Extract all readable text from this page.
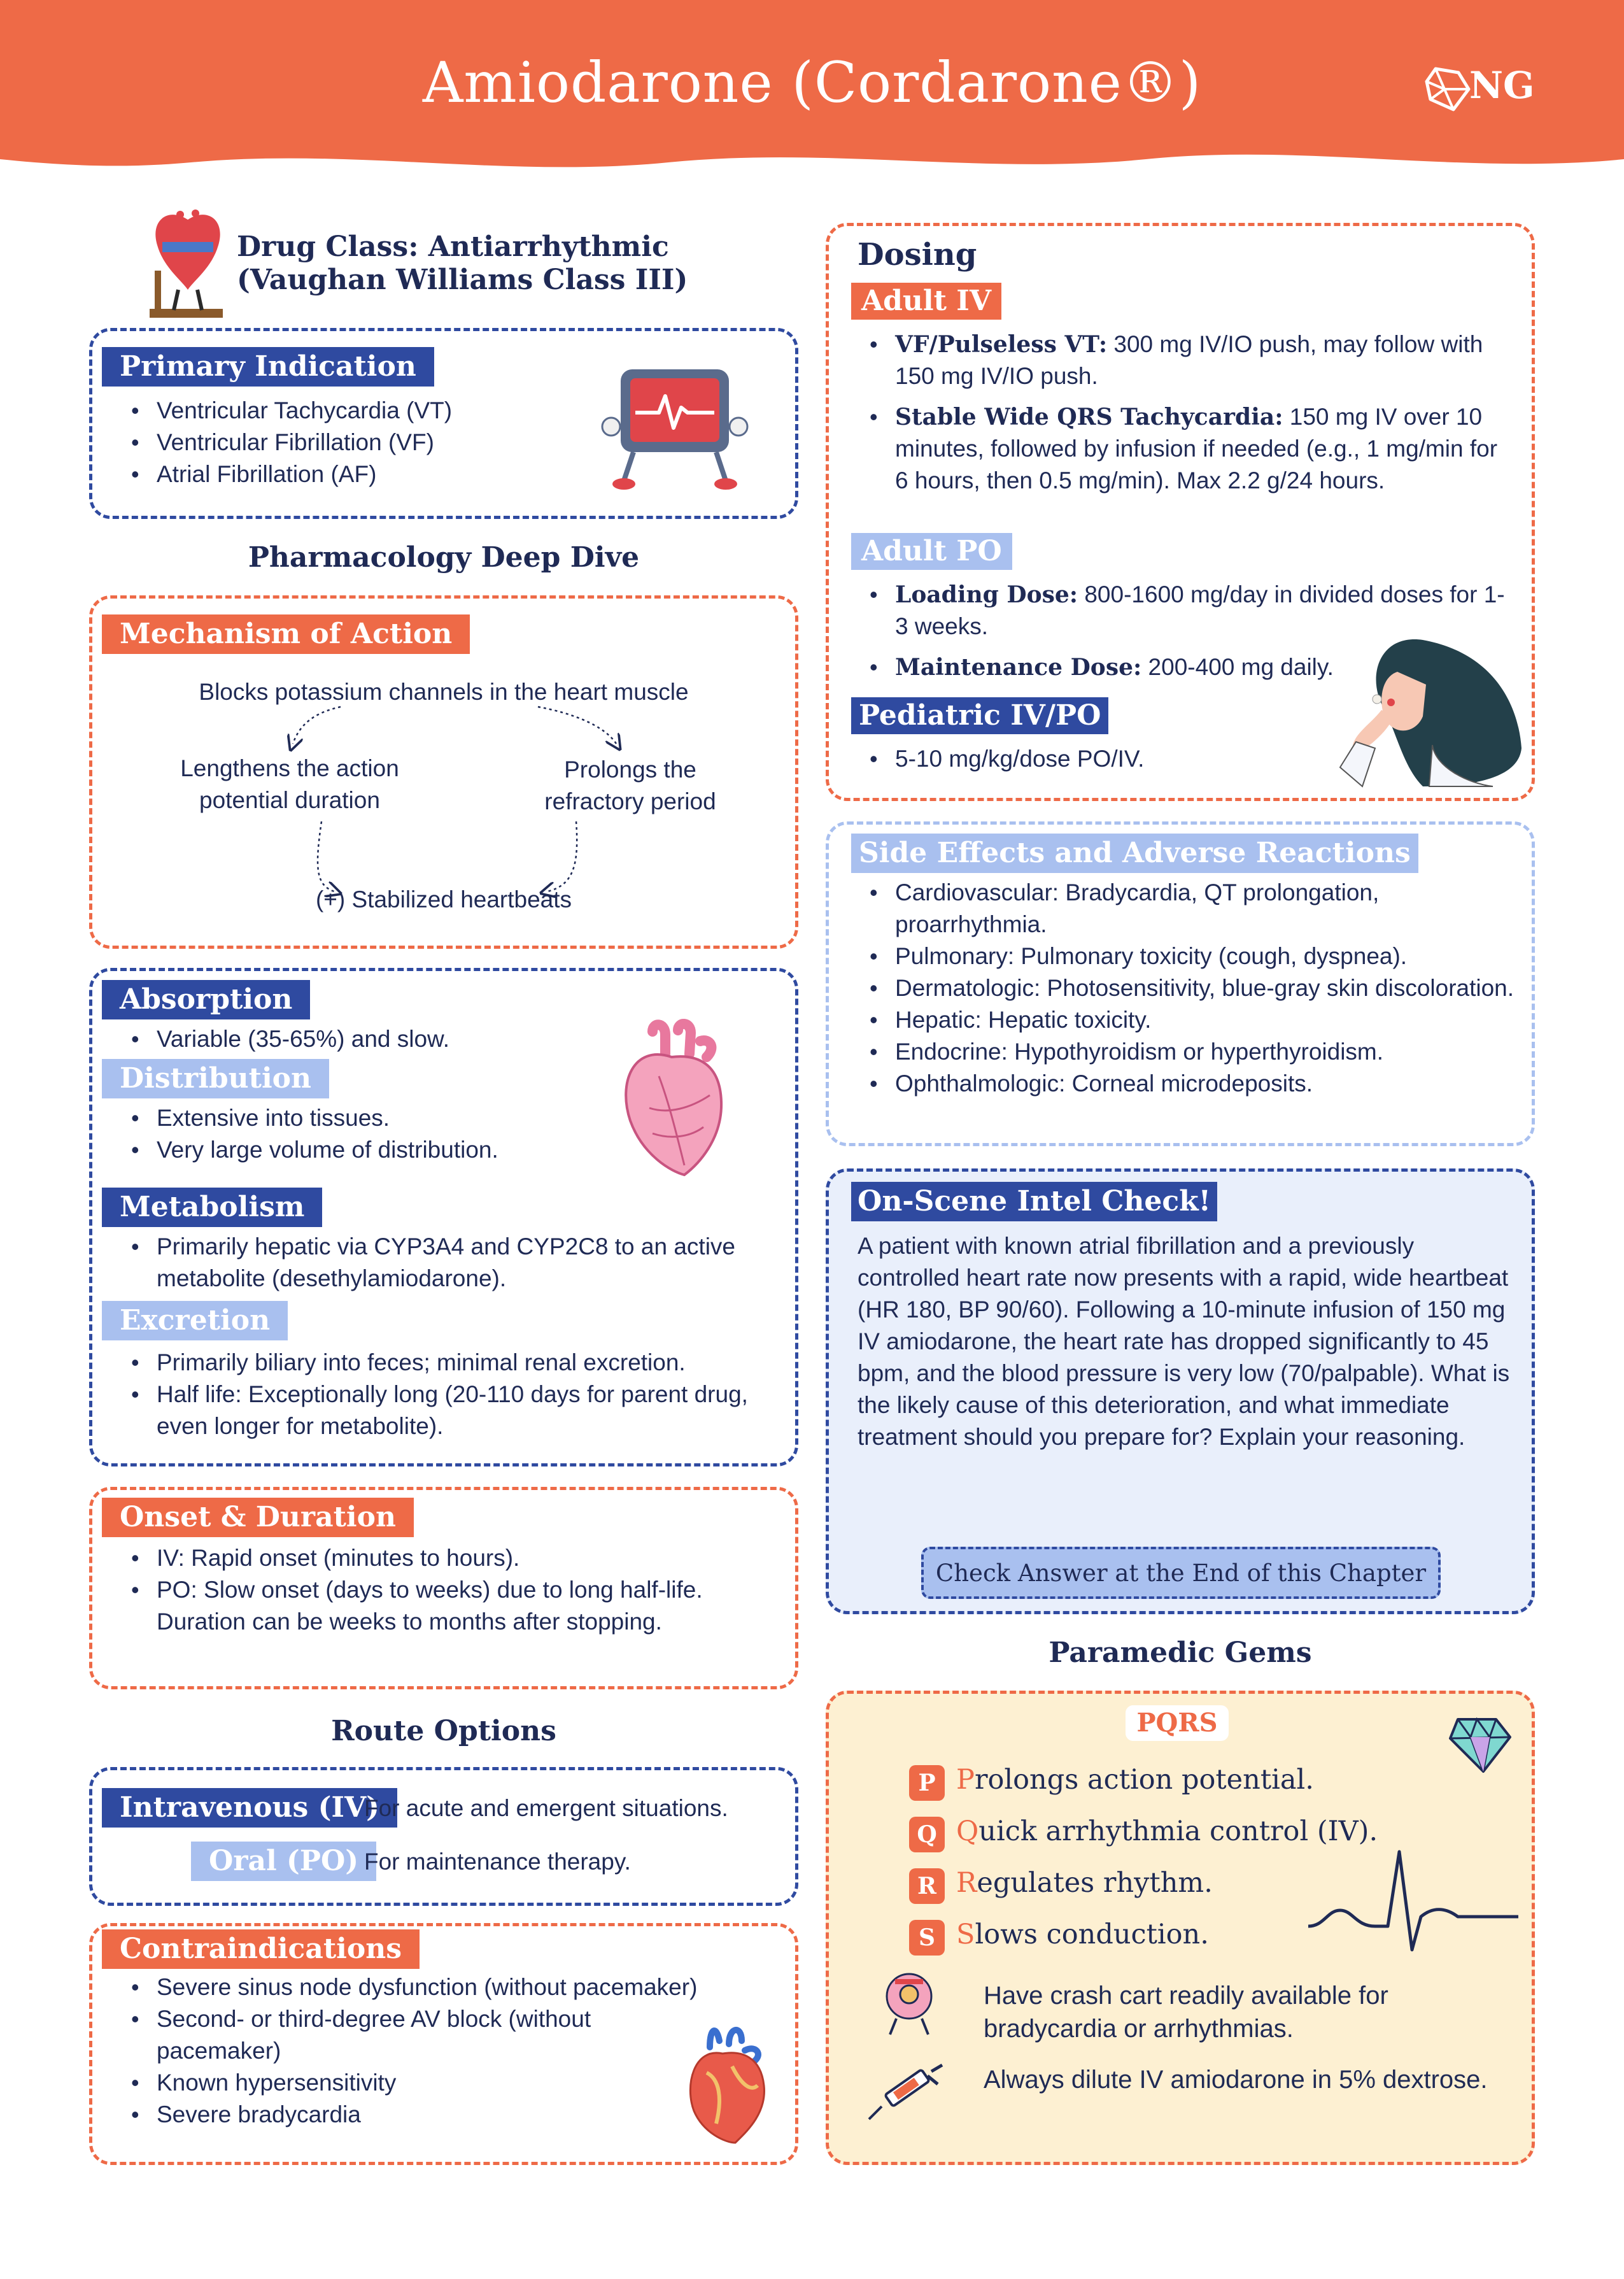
Amiodarone (Cordarone®)	NG
Drug Class: Antiarrhythmic
(Vaughan Williams Class III)
Primary Indication
• Ventricular Tachycardia (VT)
• Ventricular Fibrillation (VF)
• Atrial Fibrillation (AF)
Pharmacology Deep Dive
Mechanism of Action
Blocks potassium channels in the heart muscle
Lengthens the action
potential duration
Prolongs the
refractory period
(+) Stabilized heartbeats
Absorption
• Variable (35-65%) and slow.
Distribution
• Extensive into tissues.
• Very large volume of distribution.
Metabolism
• Primarily hepatic via CYP3A4 and CYP2C8 to an active metabolite (desethylamiodarone).
Excretion
• Primarily biliary into feces; minimal renal excretion.
• Half life: Exceptionally long (20-110 days for parent drug, even longer for metabolite).
Onset & Duration
• IV: Rapid onset (minutes to hours).
• PO: Slow onset (days to weeks) due to long half-life. Duration can be weeks to months after stopping.
Route Options
Intravenous (IV)
For acute and emergent situations.
Oral (PO) For maintenance therapy.
Contraindications
• Severe sinus node dysfunction (without pacemaker)
• Second- or third-degree AV block (without pacemaker)
• Known hypersensitivity
• Severe bradycardia
Dosing
Adult IV
• VF/Pulseless VT: 300 mg IV/IO push, may follow with 150 mg IV/IO push.
• Stable Wide QRS Tachycardia: 150 mg IV over 10 minutes, followed by infusion if needed (e.g., 1 mg/min for 6 hours, then 0.5 mg/min). Max 2.2 g/24 hours.
Adult PO
• Loading Dose: 800-1600 mg/day in divided doses for 1-3 weeks.
• Maintenance Dose: 200-400 mg daily.
Pediatric IV/PO
• 5-10 mg/kg/dose PO/IV.
Side Effects and Adverse Reactions
• Cardiovascular: Bradycardia, QT prolongation, proarrhythmia.
• Pulmonary: Pulmonary toxicity (cough, dyspnea).
• Dermatologic: Photosensitivity, blue-gray skin discoloration.
• Hepatic: Hepatic toxicity.
• Endocrine: Hypothyroidism or hyperthyroidism.
• Ophthalmologic: Corneal microdeposits.
On-Scene Intel Check!
A patient with known atrial fibrillation and a previously controlled heart rate now presents with a rapid, wide heartbeat (HR 180, BP 90/60). Following a 10-minute infusion of 150 mg IV amiodarone, the heart rate has dropped significantly to 45 bpm, and the blood pressure is very low (70/palpable). What is the likely cause of this deterioration, and what immediate treatment should you prepare for? Explain your reasoning.
Check Answer at the End of this Chapter
Paramedic Gems
PQRS
P Prolongs action potential.
Q Quick arrhythmia control (IV).
R Regulates rhythm.
S Slows conduction.
Have crash cart readily available for bradycardia or arrhythmias.
Always dilute IV amiodarone in 5% dextrose.
